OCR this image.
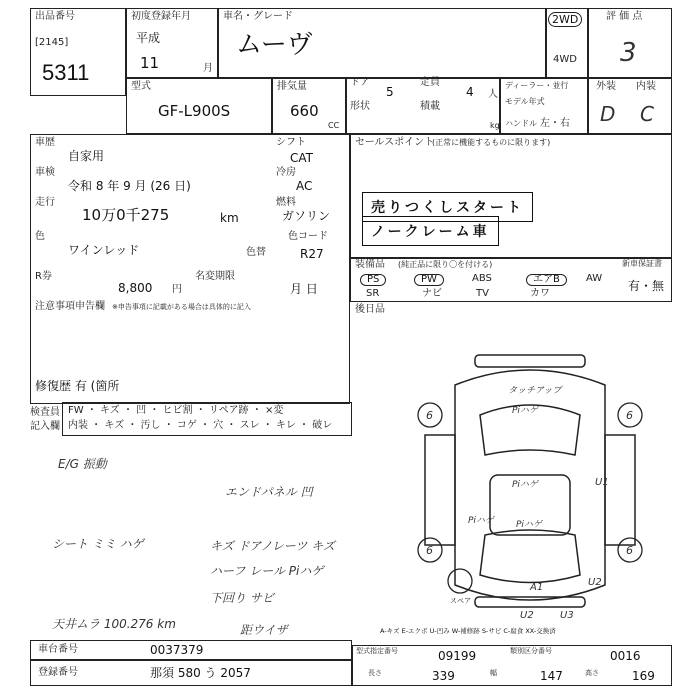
出品番号
[2145]
5311
初度登録年月
平成
11	月
車名・グレード
ムーヴ
2WD
4WD
評 価 点
3
型式
GF-L900S
排気量
660
CC
ドア
5
定員
4 人
形状	積載
kg
ディーラー・並行
モデル年式
ハンドル 左・右
外装 内装
D C
車歴
自家用
シフト
CAT
車検
令和 8 年 9 月 (26 日)
冷房
AC
走行
10万0千275	km
燃料
ガソリン
色
ワインレッド
色コード
色替	R27
R券
8,800 円
名変期限
月 日
注意事項申告欄 ※申告事項に記載がある場合は具体的に記入
修復歴 有 (箇所
セールスポイント
(正常に機能するものに限ります)
売りつくしスタート
ノークレーム車
装備品 (純正品に限り〇を付ける)	新車保証書
PS	PW	ABS	エアB	AW
SR	ナビ	TV	カワ
有・無
後日品
検査員
記入欄
FW ・ キズ ・ 凹 ・ ヒビ割 ・ リペア跡 ・ ×変
内装 ・ キズ ・ 汚し ・ コゲ ・ 穴 ・ スレ ・ キレ ・ 破レ
E/G 振動
エンドパネル 凹
シート ミミ ハゲ	キズ ドアノレーツ キズ
ハーフ レール Piハゲ
下回り サビ
天井ムラ 100.276 km	距ウイザ
6	6
6	6
タッチアップ
Piハゲ
Piハゲ
Piハゲ Piハゲ
U1
U2
A1
U2	U3
スペア
A-キズ E-エクボ U-凹み W-補修跡 S-サビ C-腐食 XX-交換済
車台番号	0037379
登録番号	那須 580 う 2057
型式指定番号	09199	類別区分番号	0016
長さ	339	幅	147	高さ	169
